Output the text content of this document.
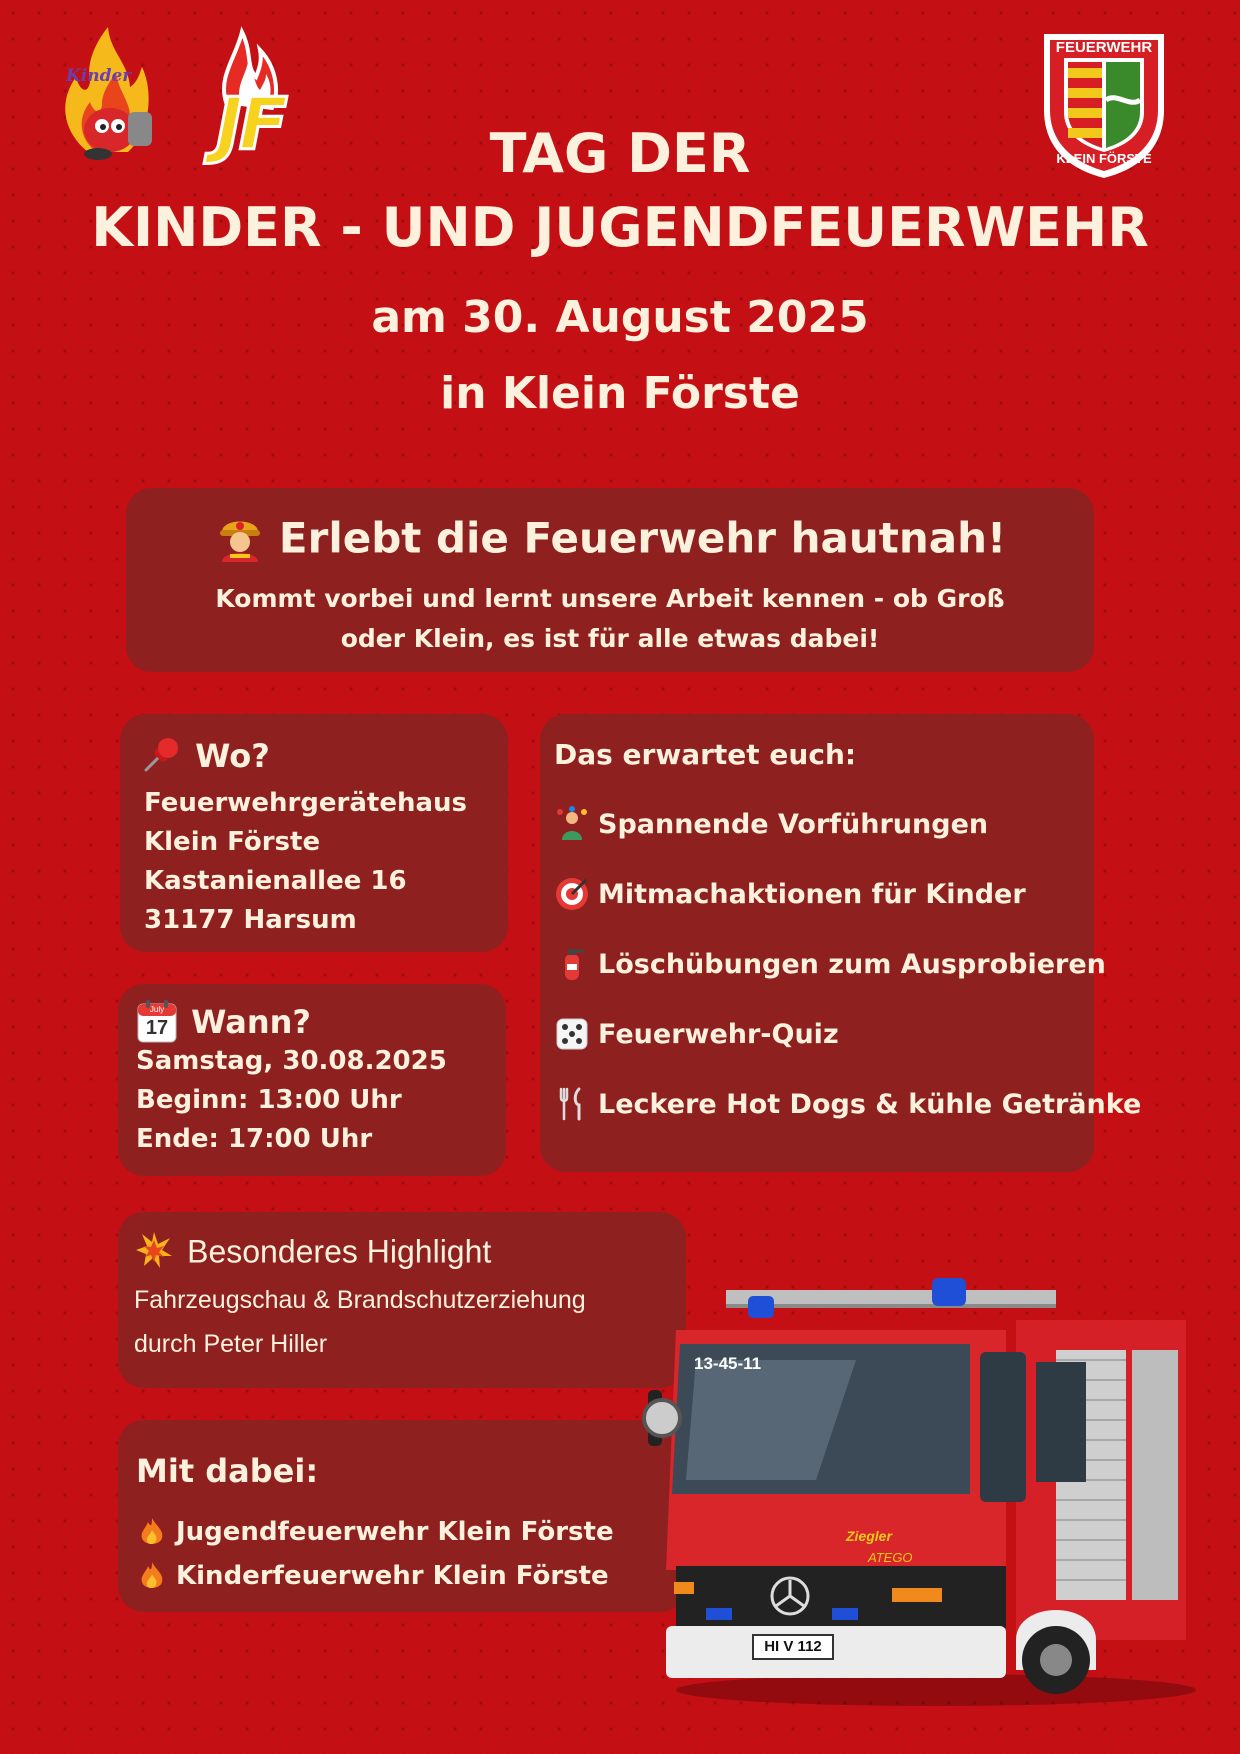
Kinder
JF
FEUERWEHR
KLEIN FÖRSTE
TAG DER
KINDER - UND JUGENDFEUERWEHR
am 30. August 2025
in Klein Förste
Erlebt die Feuerwehr hautnah!
Kommt vorbei und lernt unsere Arbeit kennen - ob Groß
oder Klein, es ist für alle etwas dabei!
Wo?
Feuerwehrgerätehaus
Klein Förste
Kastanienallee 16
31177 Harsum
July
17 Wann?
Samstag, 30.08.2025
Beginn: 13:00 Uhr
Ende: 17:00 Uhr
Das erwartet euch:
Spannende Vorführungen
Mitmachaktionen für Kinder
Löschübungen zum Ausprobieren
Feuerwehr-Quiz
Leckere Hot Dogs & kühle Getränke
Besonderes Highlight
Fahrzeugschau & Brandschutzerziehung
durch Peter Hiller
Mit dabei:
Jugendfeuerwehr Klein Förste
Kinderfeuerwehr Klein Förste
13-45-11
Ziegler
ATEGO
HI V 112
